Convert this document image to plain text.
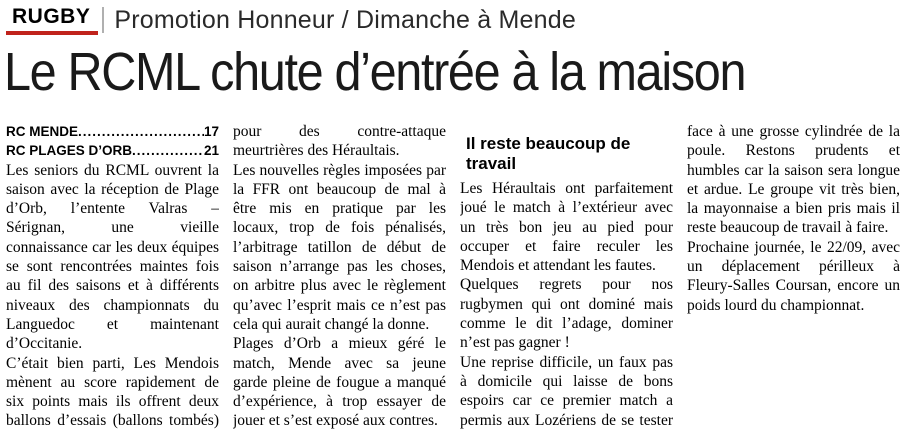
RUGBY Promotion Honneur / Dimanche à Mende
Le RCML chute d’entrée à la maison
RC MENDE .....	17
RC PLAGES D’ORB .....	21

Les seniors du RCML ouvrent la saison avec la réception de Plage d’Orb, l’entente Valras – Sérignan, une vieille connaissance car les deux équipes se sont rencontrées maintes fois au fil des saisons et à différents niveaux des championnats du Languedoc et maintenant d’Occitanie.

C’était bien parti, Les Mendois mènent au score rapidement de six points mais ils offrent deux ballons d’essais (ballons tombés)

pour des contre-attaque meurtrières des Héraultais.

Les nouvelles règles imposées par la FFR ont beaucoup de mal à être mis en pratique par les locaux, trop de fois pénalisés, l’arbitrage tatillon de début de saison n’arrange pas les choses, on arbitre plus avec le règlement qu’avec l’esprit mais ce n’est pas cela qui aurait changé la donne.

Plages d’Orb a mieux géré le match, Mende avec sa jeune garde pleine de fougue a manqué d’expérience, à trop essayer de jouer et s’est exposé aux contres.

Il reste beaucoup de travail

Les Héraultais ont parfaitement joué le match à l’extérieur avec un très bon jeu au pied pour occuper et faire reculer les Mendois et attendant les fautes.

Quelques regrets pour nos rugbymen qui ont dominé mais comme le dit l’adage, dominer n’est pas gagner !

Une reprise difficile, un faux pas à domicile qui laisse de bons espoirs car ce premier match a permis aux Lozériens de se tester

face à une grosse cylindrée de la poule. Restons prudents et humbles car la saison sera longue et ardue. Le groupe vit très bien, la mayonnaise a bien pris mais il reste beaucoup de travail à faire.

Prochaine journée, le 22/09, avec un déplacement périlleux à Fleury-Salles Coursan, encore un poids lourd du championnat.
